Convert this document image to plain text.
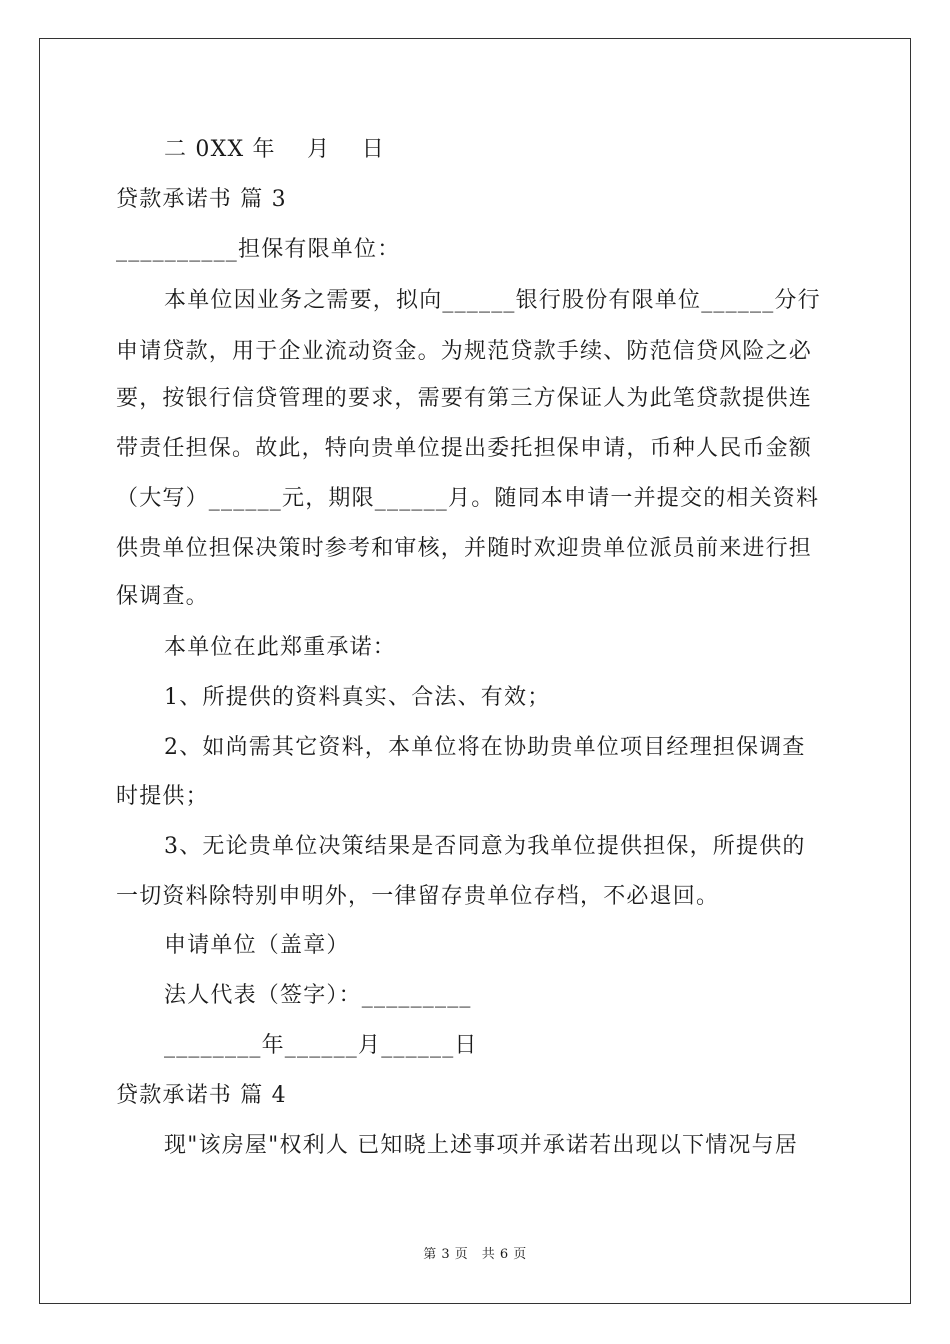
二 0XX 年　 月　 日
贷款承诺书 篇 3
__________担保有限单位：
本单位因业务之需要，拟向______银行股份有限单位______分行
申请贷款，用于企业流动资金。为规范贷款手续、防范信贷风险之必
要，按银行信贷管理的要求，需要有第三方保证人为此笔贷款提供连
带责任担保。故此，特向贵单位提出委托担保申请，币种人民币金额
（大写）______元，期限______月。随同本申请一并提交的相关资料
供贵单位担保决策时参考和审核，并随时欢迎贵单位派员前来进行担
保调查。
本单位在此郑重承诺：
1、所提供的资料真实、合法、有效；
2、如尚需其它资料，本单位将在协助贵单位项目经理担保调查
时提供；
3、无论贵单位决策结果是否同意为我单位提供担保，所提供的
一切资料除特别申明外，一律留存贵单位存档，不必退回。
申请单位（盖章）
法人代表（签字）：_________
________年______月______日
贷款承诺书 篇 4
现"该房屋"权利人 已知晓上述事项并承诺若出现以下情况与居
第 3 页　共 6 页
